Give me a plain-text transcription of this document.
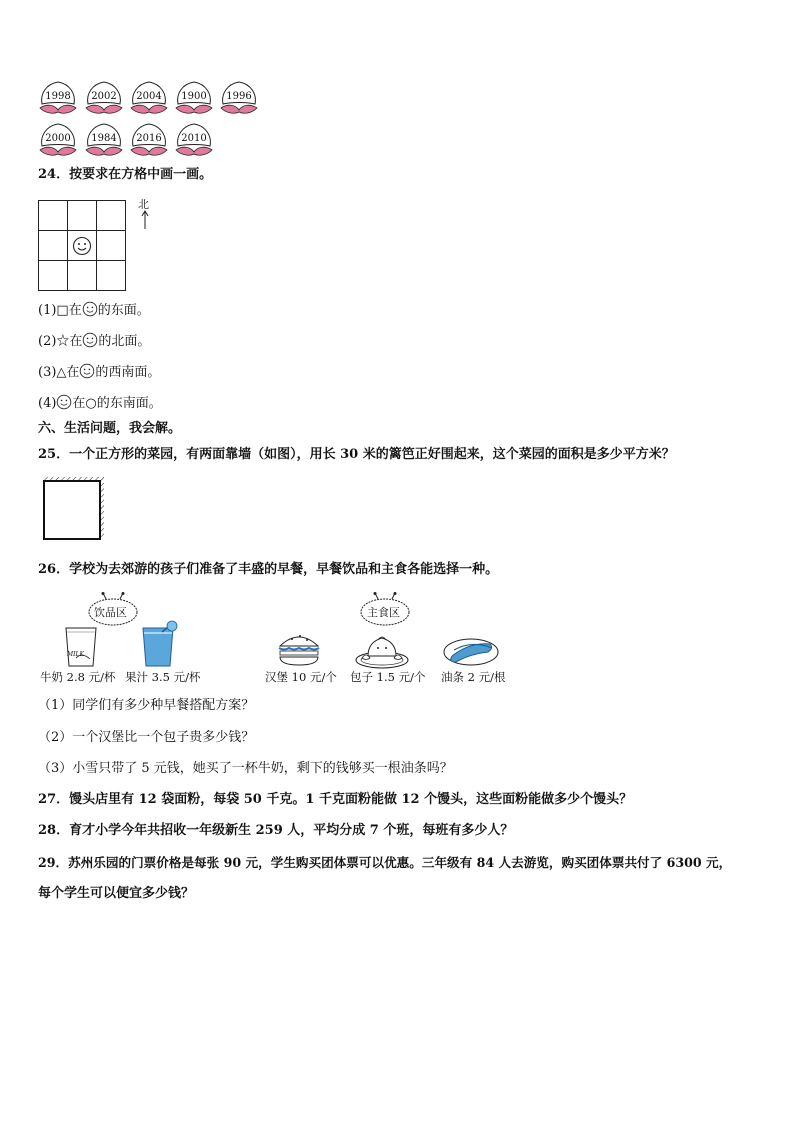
1998	2002	2004	1900	1996
2000	1984	2016	2010
24．按要求在方格中画一画。

北
(1)□在 的东面。
(2)☆在 的北面。
(3)△在 的西南面。
(4) 在○的东南面。
六、生活问题，我会解。
25．一个正方形的菜园，有两面靠墙（如图），用长 30 米的篱笆正好围起来，这个菜园的面积是多少平方米？
26．学校为去郊游的孩子们准备了丰盛的早餐，早餐饮品和主食各能选择一种。
饮品区	主食区
MILK
牛奶 2.8 元/杯 果汁 3.5 元/杯	汉堡 10 元/个 包子 1.5 元/个 油条 2 元/根
（1）同学们有多少种早餐搭配方案？
（2）一个汉堡比一个包子贵多少钱？
（3）小雪只带了 5 元钱，她买了一杯牛奶，剩下的钱够买一根油条吗？
27．馒头店里有 12 袋面粉，每袋 50 千克。1 千克面粉能做 12 个馒头，这些面粉能做多少个馒头？
28．育才小学今年共招收一年级新生 259 人，平均分成 7 个班，每班有多少人？
29．苏州乐园的门票价格是每张 90 元，学生购买团体票可以优惠。三年级有 84 人去游览，购买团体票共付了 6300 元，
每个学生可以便宜多少钱？
